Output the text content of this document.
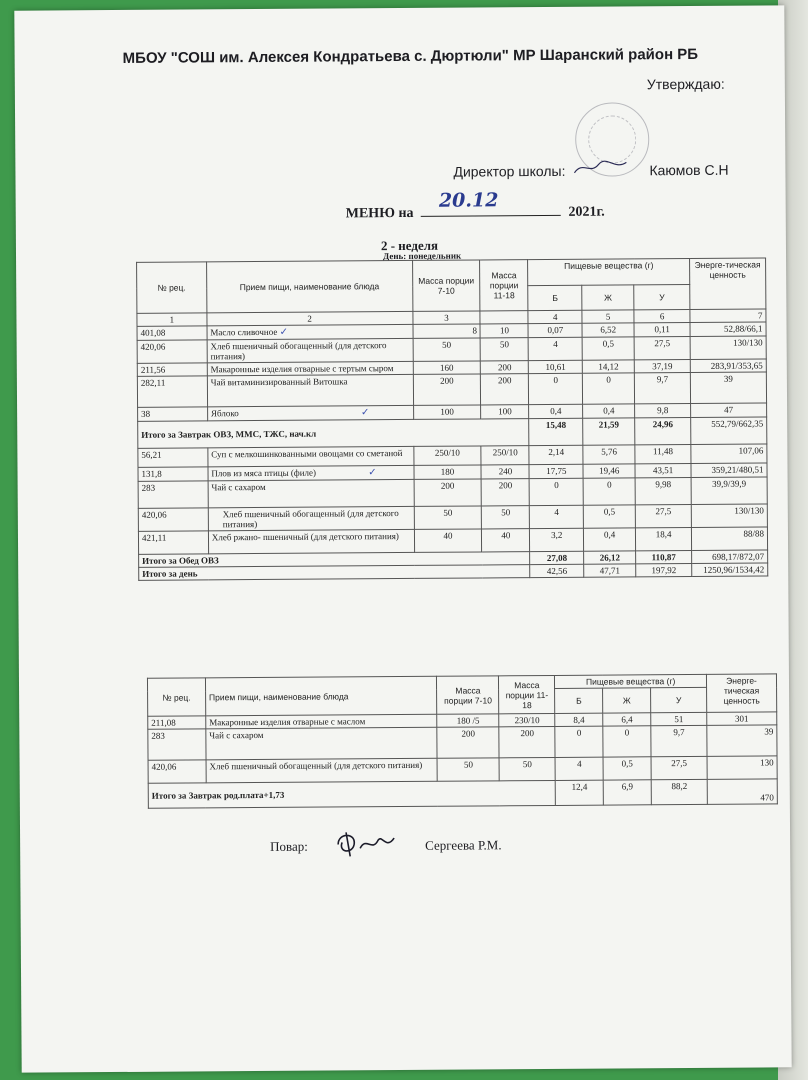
МБОУ "СОШ им. Алексея Кондратьева с. Дюртюли" МР Шаранский район РБ
Утверждаю:
Директор школы:	Каюмов С.Н
МЕНЮ на
20.12
2021г.
2 - неделя
День: понедельник
№ рец.	Прием пищи, наименование блюда	Масса порции 7-10	Масса порции 11-18	Пищевые вещества (г)			Энерге-тическая ценность
				Б	Ж	У	
1	2	3		4	5	6	7
401,08	Масло сливочное ✓	8	10	0,07	6,52	0,11	52,88/66,1
420,06	Хлеб пшеничный обогащенный (для детского питания)	50	50	4	0,5	27,5	130/130
211,56	Макаронные изделия отварные с тертым сыром	160	200	10,61	14,12	37,19	283,91/353,65
282,11	Чай витаминизированный Витошка	200	200	0	0	9,7	39
38	Яблоко ✓	100	100	0,4	0,4	9,8	47
Итого за Завтрак ОВЗ, ММС, ТЖС, нач.кл				15,48	21,59	24,96	552,79/662,35
56,21	Суп с мелкошинкованными овощами со сметаной	250/10	250/10	2,14	5,76	11,48	107,06
131,8	Плов из мяса птицы (филе) ✓	180	240	17,75	19,46	43,51	359,21/480,51
283	Чай с сахаром	200	200	0	0	9,98	39,9/39,9
420,06	Хлеб пшеничный обогащенный (для детского питания)	50	50	4	0,5	27,5	130/130
421,11	Хлеб ржано- пшеничный (для детского питания)	40	40	3,2	0,4	18,4	88/88
Итого за Обед ОВЗ				27,08	26,12	110,87	698,17/872,07
Итого за день				42,56	47,71	197,92	1250,96/1534,42
№ рец.	Прием пищи, наименование блюда	Масса порции 7-10	Масса порции 11-18	Пищевые вещества (г)			Энерге-тическая ценность
				Б	Ж	У	
211,08	Макаронные изделия отварные с маслом	180 /5	230/10	8,4	6,4	51	301
283	Чай с сахаром	200	200	0	0	9,7	39
420,06	Хлеб пшеничный обогащенный (для детского питания)	50	50	4	0,5	27,5	130
Итого за Завтрак род.плата+1,73				12,4	6,9	88,2	470
Повар:	Сергеева Р.М.
